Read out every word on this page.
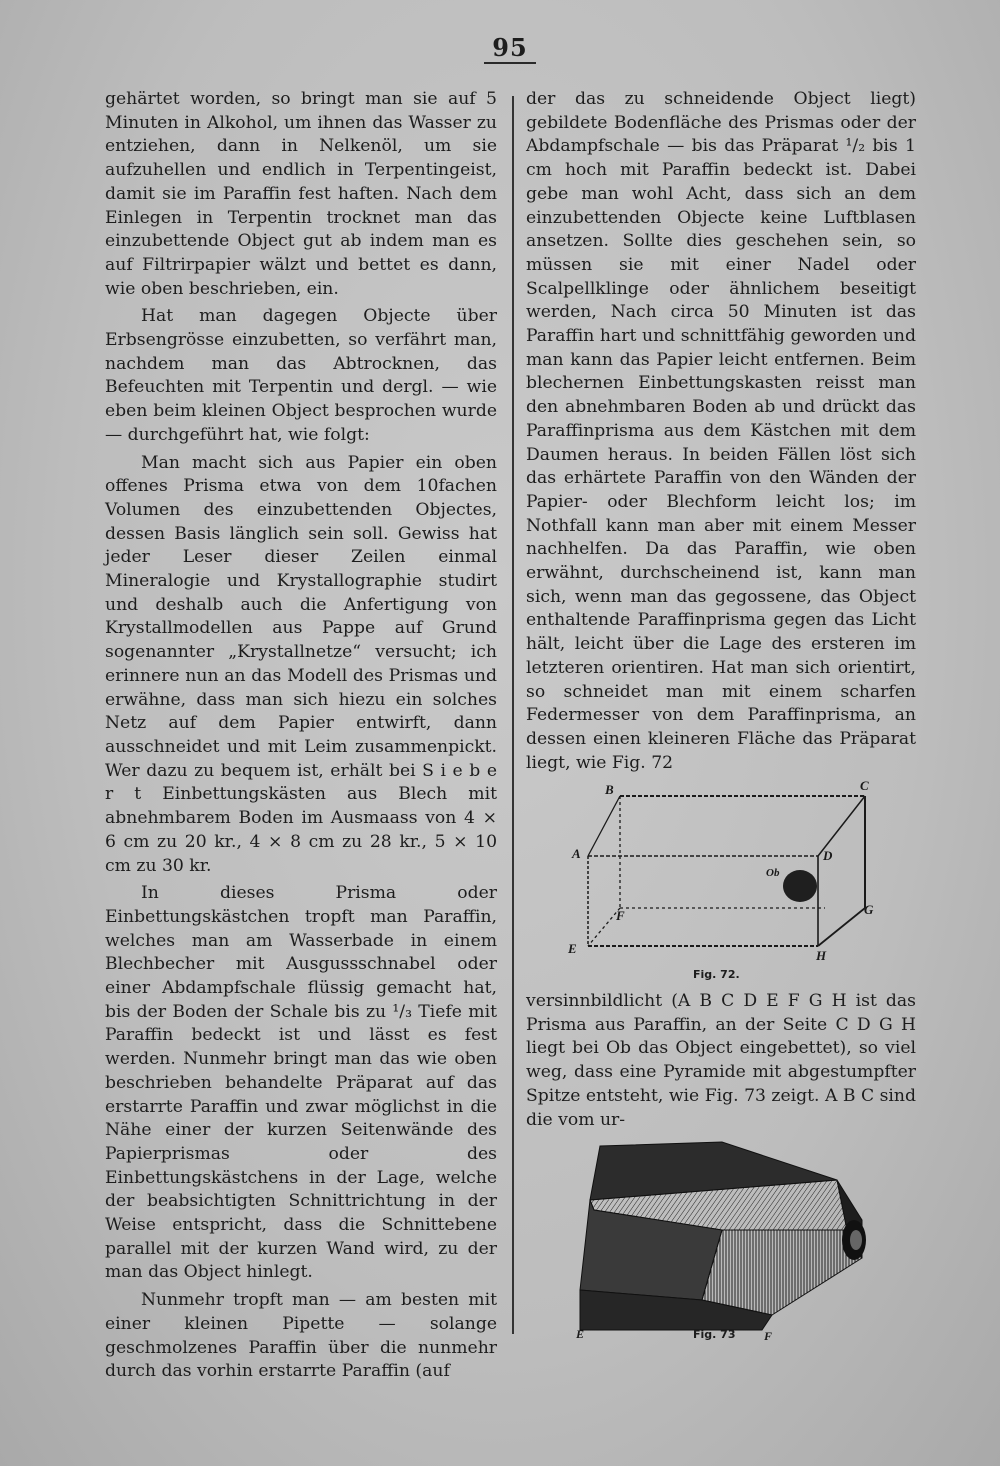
95

gehärtet worden, so bringt man sie auf 5 Minuten in Alkohol, um ihnen das Wasser zu entziehen, dann in Nelkenöl, um sie aufzuhellen und endlich in Terpentingeist, damit sie im Paraffin fest haften. Nach dem Einlegen in Terpentin trocknet man das einzubettende Object gut ab indem man es auf Filtrirpapier wälzt und bettet es dann, wie oben beschrieben, ein.

Hat man dagegen Objecte über Erbsengrösse einzubetten, so verfährt man, nachdem man das Abtrocknen, das Befeuchten mit Terpentin und dergl. — wie eben beim kleinen Object besprochen wurde — durchgeführt hat, wie folgt:

Man macht sich aus Papier ein oben offenes Prisma etwa von dem 10fachen Volumen des einzubettenden Objectes, dessen Basis länglich sein soll. Gewiss hat jeder Leser dieser Zeilen einmal Mineralogie und Krystallographie studirt und deshalb auch die Anfertigung von Krystallmodellen aus Pappe auf Grund sogenannter „Krystallnetze“ versucht; ich erinnere nun an das Modell des Prismas und erwähne, dass man sich hiezu ein solches Netz auf dem Papier entwirft, dann ausschneidet und mit Leim zusammenpickt. Wer dazu zu bequem ist, erhält bei S i e b e r t Einbettungskästen aus Blech mit abnehmbarem Boden im Ausmaass von 4 × 6 cm zu 20 kr., 4 × 8 cm zu 28 kr., 5 × 10 cm zu 30 kr.

In dieses Prisma oder Einbettungskästchen tropft man Paraffin, welches man am Wasserbade in einem Blechbecher mit Ausgussschnabel oder einer Abdampfschale flüssig gemacht hat, bis der Boden der Schale bis zu ¹/₃ Tiefe mit Paraffin bedeckt ist und lässt es fest werden. Nunmehr bringt man das wie oben beschrieben behandelte Präparat auf das erstarrte Paraffin und zwar möglichst in die Nähe einer der kurzen Seitenwände des Papierprismas oder des Einbettungskästchens in der Lage, welche der beabsichtigten Schnittrichtung in der Weise entspricht, dass die Schnittebene parallel mit der kurzen Wand wird, zu der man das Object hinlegt.

Nunmehr tropft man — am besten mit einer kleinen Pipette — solange geschmolzenes Paraffin über die nunmehr durch das vorhin erstarrte Paraffin (auf

der das zu schneidende Object liegt) gebildete Bodenfläche des Prismas oder der Abdampfschale — bis das Präparat ¹/₂ bis 1 cm hoch mit Paraffin bedeckt ist. Dabei gebe man wohl Acht, dass sich an dem einzubettenden Objecte keine Luftblasen ansetzen. Sollte dies geschehen sein, so müssen sie mit einer Nadel oder Scalpellklinge oder ähnlichem beseitigt werden, Nach circa 50 Minuten ist das Paraffin hart und schnittfähig geworden und man kann das Papier leicht entfernen. Beim blechernen Einbettungskasten reisst man den abnehmbaren Boden ab und drückt das Paraffinprisma aus dem Kästchen mit dem Daumen heraus. In beiden Fällen löst sich das erhärtete Paraffin von den Wänden der Papier- oder Blechform leicht los; im Nothfall kann man aber mit einem Messer nachhelfen. Da das Paraffin, wie oben erwähnt, durchscheinend ist, kann man sich, wenn man das gegossene, das Object enthaltende Paraffinprisma gegen das Licht hält, leicht über die Lage des ersteren im letzteren orientiren. Hat man sich orientirt, so schneidet man mit einem scharfen Federmesser von dem Paraffinprisma, an dessen einen kleineren Fläche das Präparat liegt, wie Fig. 72

B	C
A	D
Ob
F	G
E	H
Fig. 72.

versinnbildlicht (A B C D E F G H ist das Prisma aus Paraffin, an der Seite C D G H liegt bei Ob das Object eingebettet), so viel weg, dass eine Pyramide mit abgestumpfter Spitze entsteht, wie Fig. 73 zeigt. A B C sind die vom ur-

E	F
Fig. 73
